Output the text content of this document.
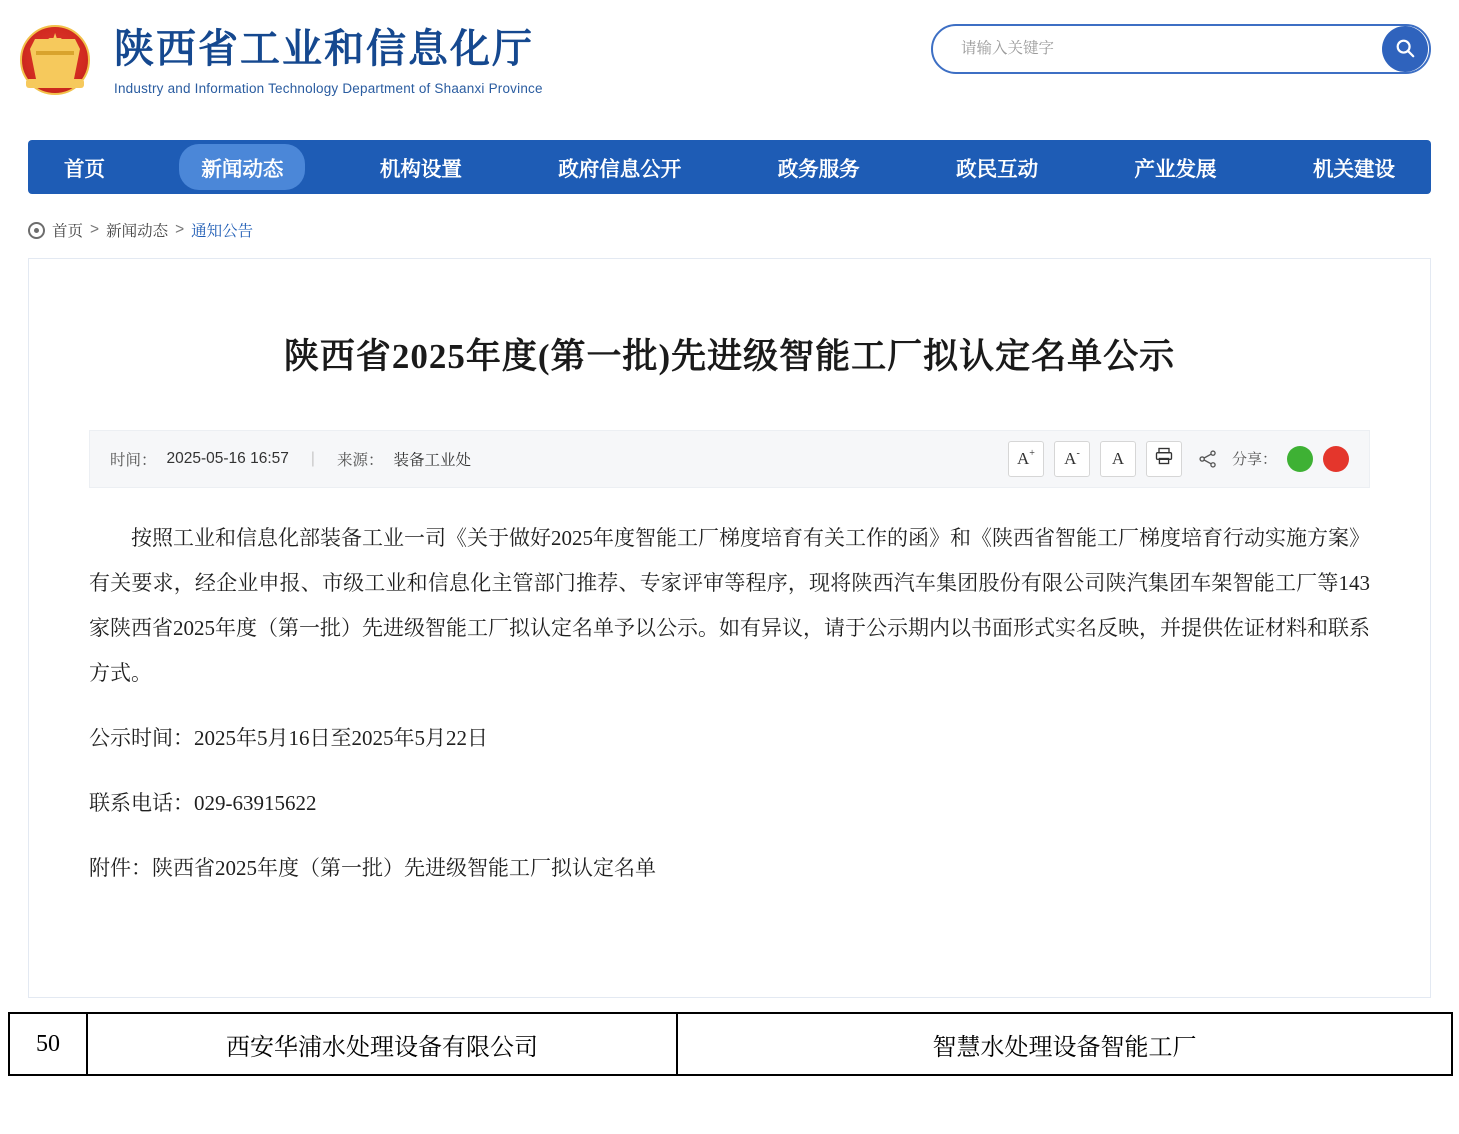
陕西省工业和信息化厅
Industry and Information Technology Department of Shaanxi Province
请输入关键字
首页	新闻动态	机构设置	政府信息公开	政务服务	政民互动	产业发展	机关建设
首页 > 新闻动态 > 通知公告
陕西省2025年度(第一批)先进级智能工厂拟认定名单公示
时间： 2025-05-16 16:57 | 来源： 装备工业处	A+ A- A	分享：

按照工业和信息化部装备工业一司《关于做好2025年度智能工厂梯度培育有关工作的函》和《陕西省智能工厂梯度培育行动实施方案》有关要求，经企业申报、市级工业和信息化主管部门推荐、专家评审等程序，现将陕西汽车集团股份有限公司陕汽集团车架智能工厂等143家陕西省2025年度（第一批）先进级智能工厂拟认定名单予以公示。如有异议，请于公示期内以书面形式实名反映，并提供佐证材料和联系方式。

公示时间：2025年5月16日至2025年5月22日

联系电话：029-63915622

附件：陕西省2025年度（第一批）先进级智能工厂拟认定名单

50	西安华浦水处理设备有限公司	智慧水处理设备智能工厂
